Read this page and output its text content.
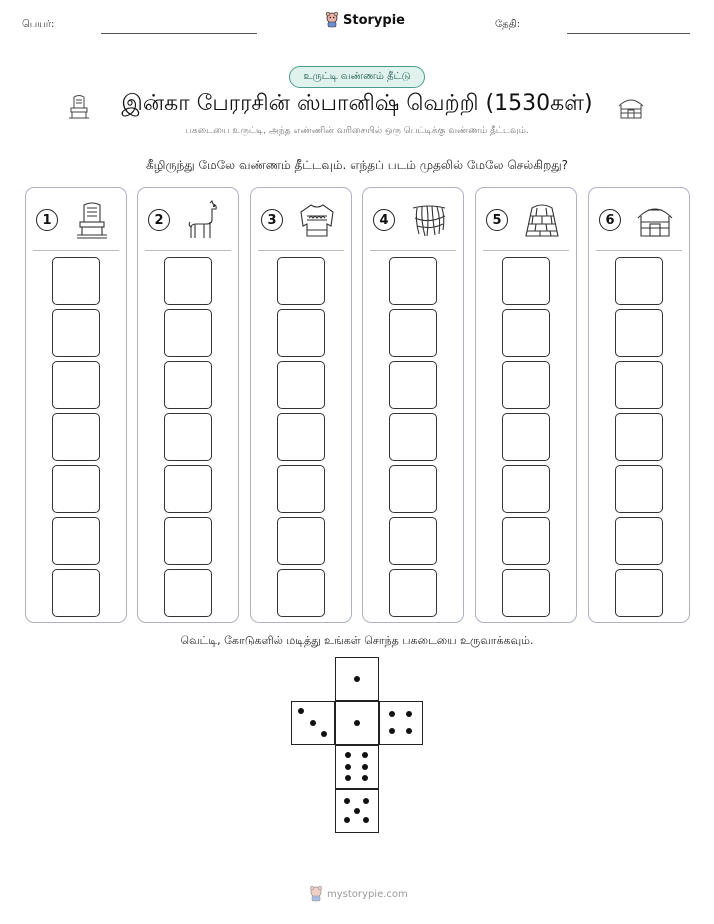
பெயர்:	Storypie	தேதி:
உருட்டி வண்ணம் தீட்டு
இன்கா பேரரசின் ஸ்பானிஷ் வெற்றி (1530கள்)
பகடையை உருட்டி, அந்த எண்ணின் வரிசையில் ஒரு பெட்டிக்கு வண்ணம் தீட்டவும்.
கீழிருந்து மேலே வண்ணம் தீட்டவும். எந்தப் படம் முதலில் மேலே செல்கிறது?
1	2	3	4	5	6
வெட்டி, கோடுகளில் மடித்து உங்கள் சொந்த பகடையை உருவாக்கவும்.
mystorypie.com
